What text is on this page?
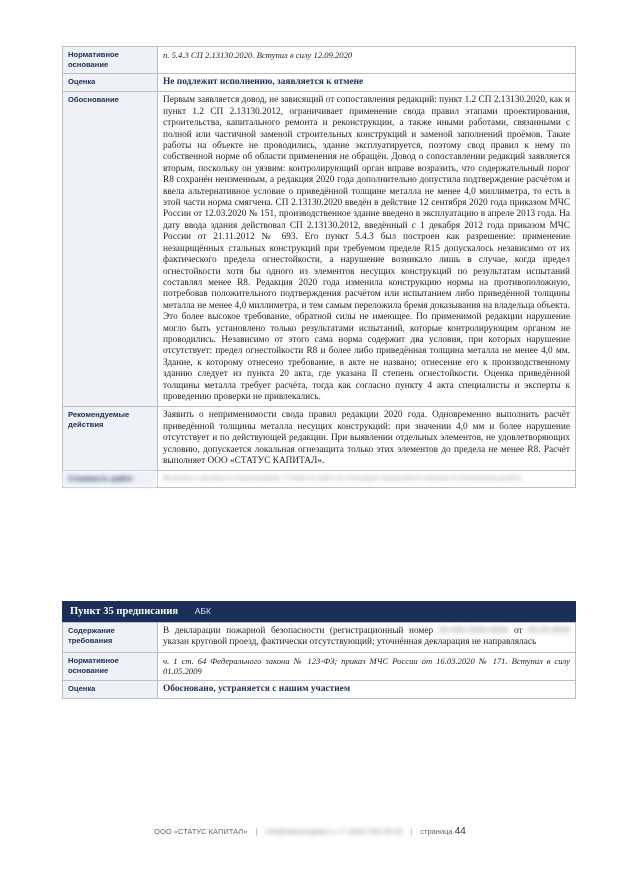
Нормативное основание	п. 5.4.3 СП 2.13130.2020. Вступил в силу 12.09.2020
Оценка	Не подлежит исполнению, заявляется к отмене
Обоснование	Первым заявляется довод, не зависящий от сопоставления редакций: пункт 1.2 СП 2.13130.2020, как и пункт 1.2 СП 2.13130.2012, ограничивает применение свода правил этапами проектирования, строительства, капитального ремонта и реконструкции, а также иными работами, связанными с полной или частичной заменой строительных конструкций и заменой заполнений проёмов. Такие работы на объекте не проводились, здание эксплуатируется, поэтому свод правил к нему по собственной норме об области применения не обращён. Довод о сопоставлении редакций заявляется вторым, поскольку он уязвим: контролирующий орган вправе возразить, что содержательный порог R8 сохранён неизменным, а редакция 2020 года дополнительно допустила подтверждение расчётом и ввела альтернативное условие о приведённой толщине металла не менее 4,0 миллиметра, то есть в этой части норма смягчена. СП 2.13130.2020 введён в действие 12 сентября 2020 года приказом МЧС России от 12.03.2020 № 151, производственное здание введено в эксплуатацию в апреле 2013 года. На дату ввода здания действовал СП 2.13130.2012, введённый с 1 декабря 2012 года приказом МЧС России от 21.11.2012 № 693. Его пункт 5.4.3 был построен как разрешение: применение незащищённых стальных конструкций при требуемом пределе R15 допускалось независимо от их фактического предела огнестойкости, а нарушение возникало лишь в случае, когда предел огнестойкости хотя бы одного из элементов несущих конструкций по результатам испытаний составлял менее R8. Редакция 2020 года изменила конструкцию нормы на противоположную, потребовав положительного подтверждения расчётом или испытанием либо приведённой толщины металла не менее 4,0 миллиметра, и тем самым переложила бремя доказывания на владельца объекта. Это более высокое требование, обратной силы не имеющее. По применимой редакции нарушение могло быть установлено только результатами испытаний, которые контролирующим органом не проводились. Независимо от этого сама норма содержит два условия, при которых нарушение отсутствует: предел огнестойкости R8 и более либо приведённая толщина металла не менее 4,0 мм. Здание, к которому отнесено требование, в акте не названо; отнесение его к производственному зданию следует из пункта 20 акта, где указана II степень огнестойкости. Оценка приведённой толщины металла требует расчёта, тогда как согласно пункту 4 акта специалисты и эксперты к проведению проверки не привлекались.
Рекомендуемые действия	Заявить о неприменимости свода правил редакции 2020 года. Одновременно выполнить расчёт приведённой толщины металла несущих конструкций: при значении 4,0 мм и более нарушение отсутствует и по действующей редакции. При выявлении отдельных элементов, не удовлетворяющих условию, допускается локальная огнезащита только этих элементов до предела не менее R8. Расчёт выполняет ООО «СТАТУС КАПИТАЛ».
Стоимость работ	Включено в договор на сопровождение. Стоимость работ по огнезащите определяется отдельно по результатам расчёта.
Пункт 35 предписания АБК
Содержание требования	В декларации пожарной безопасности (регистрационный номер 00-000-0000-0000 от 00.00.0000 указан круговой проезд, фактически отсутствующий; уточнённая декларация не направлялась
Нормативное основание	ч. 1 ст. 64 Федерального закона № 123-ФЗ; приказ МЧС России от 16.03.2020 № 171. Вступил в силу 01.05.2009
Оценка	Обосновано, устраняется с нашим участием
ООО «СТАТУС КАПИТАЛ» | info@statuscapital.ru +7 (000) 000-00-00 | страница 44
